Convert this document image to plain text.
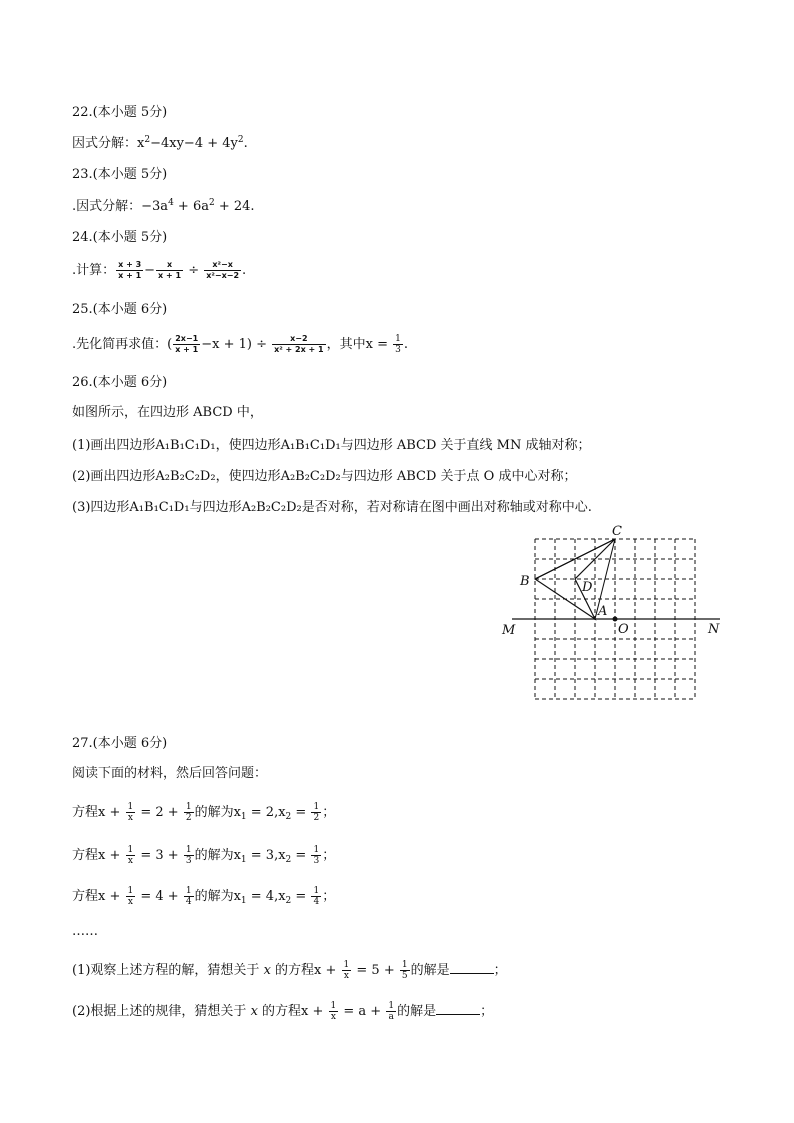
22.(本小题 5分)
因式分解：$x^2-4xy-4 + 4y^2$.
23.(本小题 5分)
.因式分解：$-3a^4 + 6a^2 + 24$.
24.(本小题 5分)
.计算： $\frac{x + 3}{x + 1} - \frac{x}{x + 1} \div \frac{\text{x²−x}}{\text{x²−x−2}}$ .
25.(本小题 6分)
.先化简再求值：( $\frac{2x-1}{x + 1} -x + 1) \div \frac{x-2}{\text{x² + 2x + 1}}$ ，其中$x = \frac{1}{3}$ .
26.(本小题 6分)
如图所示，在四边形 ABCD 中，
(1)画出四边形A₁B₁C₁D₁，使四边形A₁B₁C₁D₁与四边形 ABCD 关于直线 MN 成轴对称；
(2)画出四边形A₂B₂C₂D₂，使四边形A₂B₂C₂D₂与四边形 ABCD 关于点 O 成中心对称；
(3)四边形A₁B₁C₁D₁与四边形A₂B₂C₂D₂是否对称，若对称请在图中画出对称轴或对称中心.
C
B	D
A
O
M	N
27.(本小题 6分)
阅读下面的材料，然后回答问题：
方程$x + \frac{1}{x} = 2 + \frac{1}{2}$ 的解为$x_1 = 2,x_2 = \frac{1}{2}$ ；
方程$x + \frac{1}{x} = 3 + \frac{1}{3}$ 的解为$x_1 = 3,x_2 = \frac{1}{3}$ ；
方程$x + \frac{1}{x} = 4 + \frac{1}{4}$ 的解为$x_1 = 4,x_2 = \frac{1}{4}$ ；
……
(1)观察上述方程的解，猜想关于 x 的方程$x + \frac{1}{x} = 5 + \frac{1}{5}$ 的解是	；
(2)根据上述的规律，猜想关于 x 的方程$x + \frac{1}{x} = a + \frac{1}{a}$ 的解是	；
